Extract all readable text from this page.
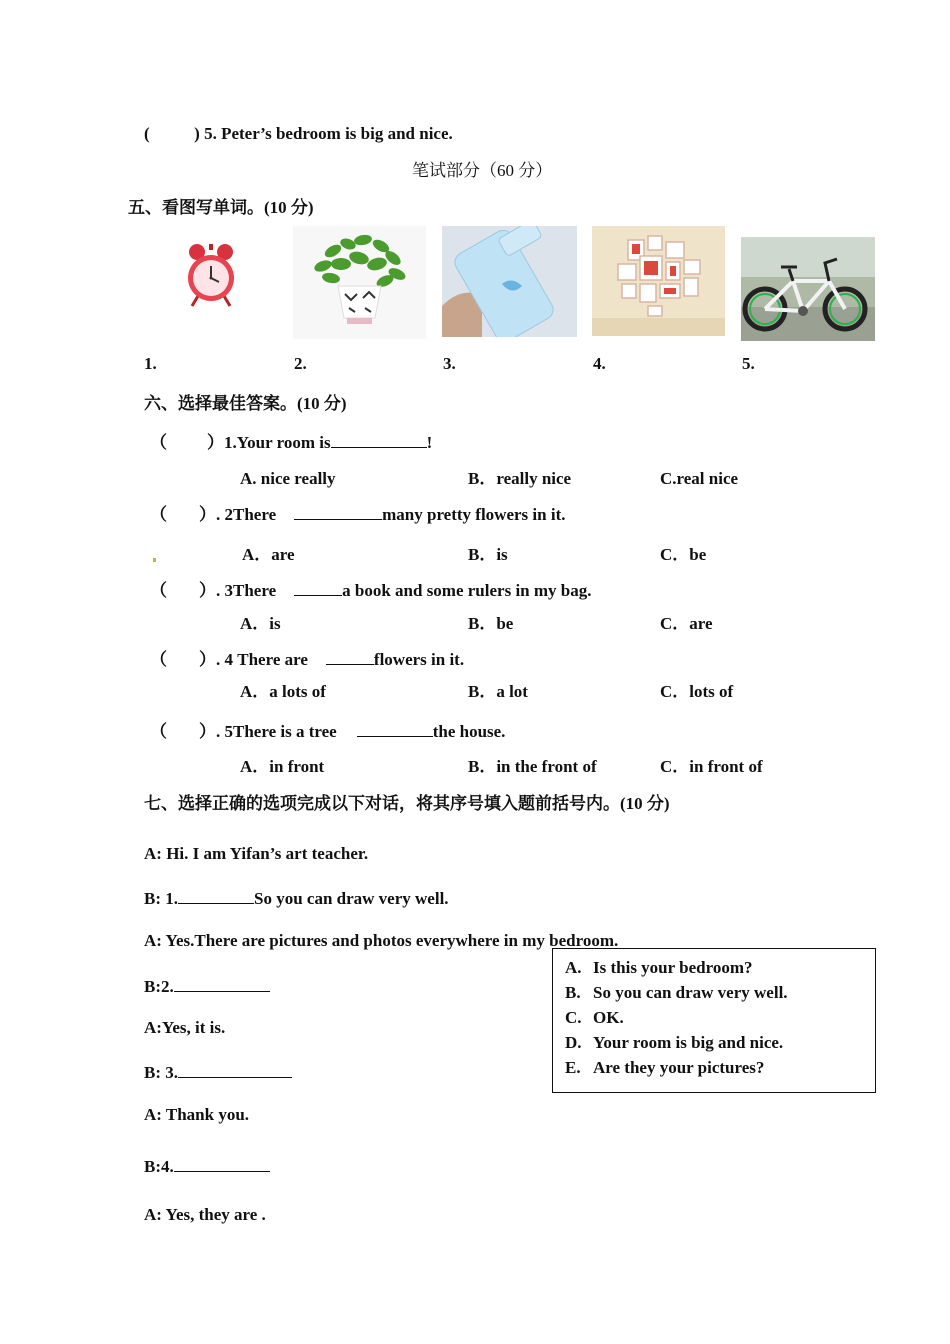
(	) 5. Peter’s bedroom is big and nice.
笔试部分（60 分）
五、看图写单词。(10 分)
1.	2.	3.	4.	5.
六、选择最佳答案。(10 分)
（ ）1.Your room is	!
A. nice really	B．really nice	C.real nice
（ ）. 2There	many pretty flowers in it.
A．are	B．is	C．be
（ ）. 3There	a book and some rulers in my bag.
A．is	B．be	C．are
（ ）. 4 There are	flowers in it.
A．a lots of	B．a lot	C．lots of
（ ）. 5There is a tree	the house.
A．in front	B．in the front of	C．in front of
七、选择正确的选项完成以下对话，将其序号填入题前括号内。(10 分)
A: Hi. I am Yifan’s art teacher.
B: 1.	So you can draw very well.
A: Yes.There are pictures and photos everywhere in my bedroom.
B:2.
A:Yes, it is.
B: 3.
A: Thank you.
B:4.
A: Yes, they are .
A. Is this your bedroom?
B. So you can draw very well.
C. OK.
D. Your room is big and nice.
E. Are they your pictures?
